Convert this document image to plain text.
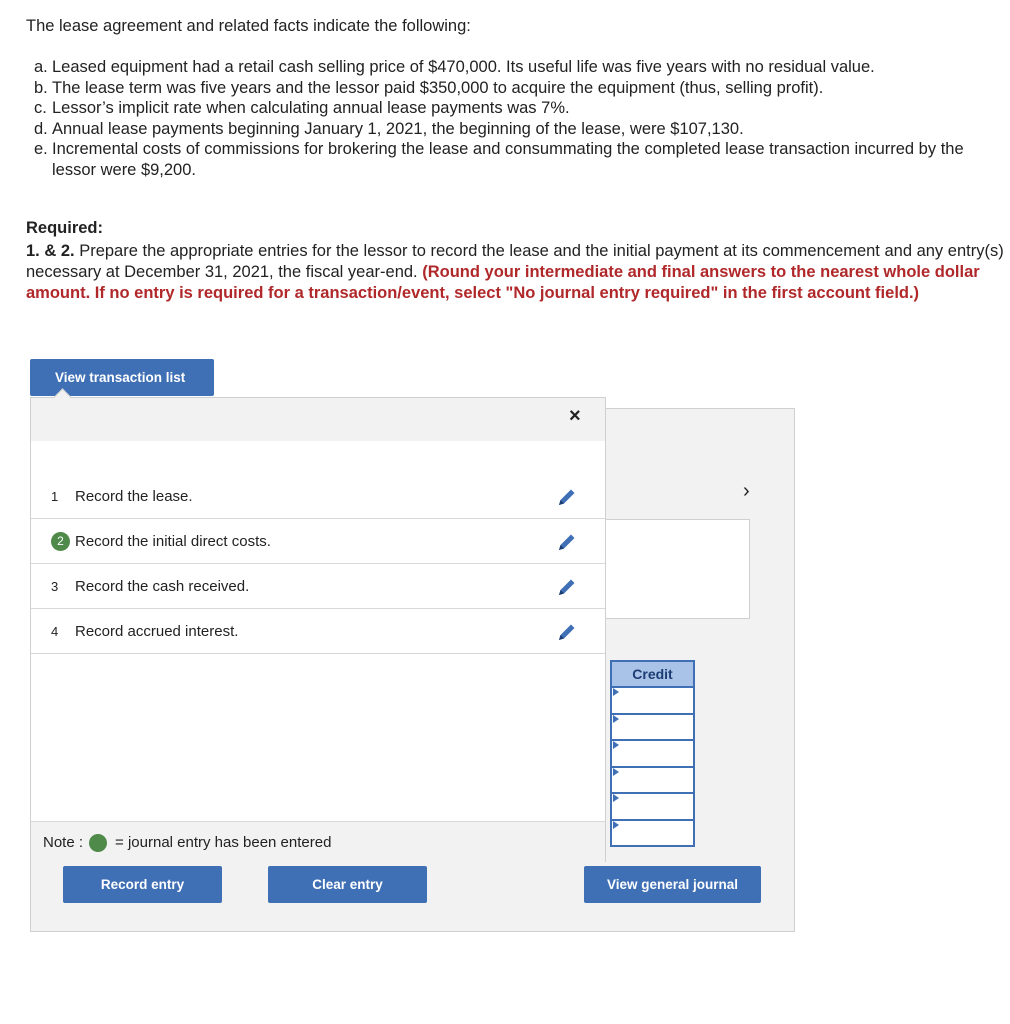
The lease agreement and related facts indicate the following:
a. Leased equipment had a retail cash selling price of $470,000. Its useful life was five years with no residual value.
b. The lease term was five years and the lessor paid $350,000 to acquire the equipment (thus, selling profit).
c. Lessor’s implicit rate when calculating annual lease payments was 7%.
d. Annual lease payments beginning January 1, 2021, the beginning of the lease, were $107,130.
e. Incremental costs of commissions for brokering the lease and consummating the completed lease transaction incurred by the lessor were $9,200.
Required:
1. & 2. Prepare the appropriate entries for the lessor to record the lease and the initial payment at its commencement and any entry(s) necessary at December 31, 2021, the fiscal year-end. (Round your intermediate and final answers to the nearest whole dollar amount. If no entry is required for a transaction/event, select "No journal entry required" in the first account field.)
View transaction list
›
Credit
×
1	Record the lease.
2 Record the initial direct costs.
3	Record the cash received.
4	Record accrued interest.
Note : = journal entry has been entered
Record entry	Clear entry	View general journal
